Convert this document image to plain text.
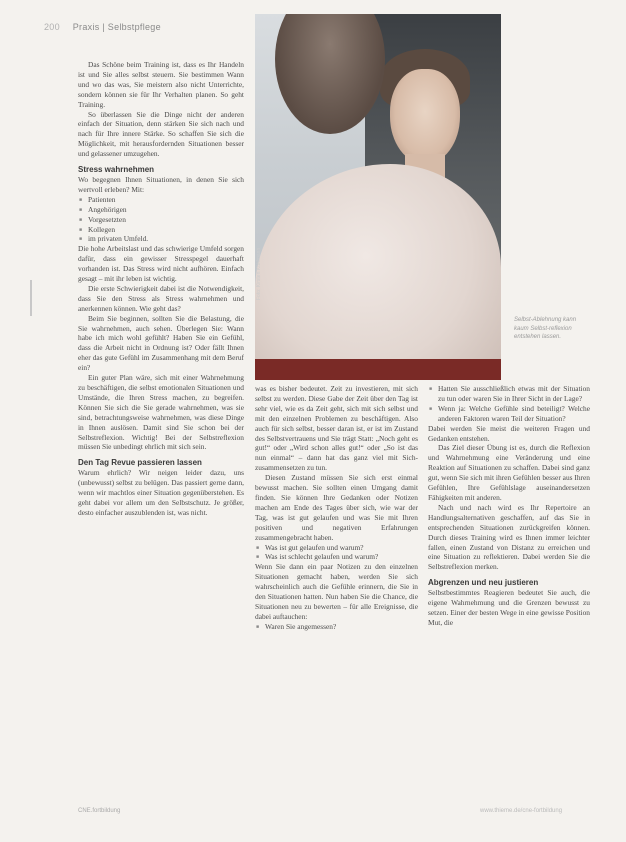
200 Praxis | Selbstpflege
Foto: Kirsten Kühlmann
Selbst-Ablehnung kann kaum Selbst-reflexion entstehen lassen.

Das Schöne beim Training ist, dass es Ihr Handeln ist und Sie alles selbst steuern. Sie bestimmen Wann und wo das was, Sie meistern also nicht Unterrichte, sondern können sie für Ihr Verhalten planen. So geht Training.

So überlassen Sie die Dinge nicht der anderen einfach der Situation, denn stärken Sie sich nach und nach für Ihre innere Stärke. So schaffen Sie sich die Möglichkeit, mit herausfordernden Situationen besser und gelassener umzugehen.

Stress wahrnehmen

Wo begegnen Ihnen Situationen, in denen Sie sich wertvoll erleben? Mit:

■ Patienten
■ Angehörigen
■ Vorgesetzten
■ Kollegen
■ im privaten Umfeld.

Die hohe Arbeitslast und das schwierige Umfeld sorgen dafür, dass ein gewisser Stresspegel dauerhaft vorhanden ist. Das Stress wird nicht aufhören. Einfach gesagt – mit ihr leben ist wichtig.

Die erste Schwierigkeit dabei ist die Notwendigkeit, dass Sie den Stress als Stress wahrnehmen und anerkennen können. Wie geht das?

Beim Sie beginnen, sollten Sie die Belastung, die Sie wahrnehmen, auch sehen. Überlegen Sie: Wann habe ich mich wohl gefühlt? Haben Sie ein Gefühl, dass die Arbeit nicht in Ordnung ist? Oder fällt Ihnen eher das gute Gefühl im Zusammenhang mit dem Beruf ein?

Ein guter Plan wäre, sich mit einer Wahrnehmung zu beschäftigen, die selbst emotionalen Situationen und Umstände, die Ihren Stress machen, zu begreifen. Können Sie sich die Sie gerade wahrnehmen, was sie sind, betrachtungsweise wahrnehmen, was diese Dinge in Ihnen auslösen. Damit sind Sie schon bei der Selbstreflexion. Wichtig! Bei der Selbstreflexion müssen Sie unbedingt ehrlich mit sich sein.

Den Tag Revue passieren lassen

Warum ehrlich? Wir neigen leider dazu, uns (unbewusst) selbst zu belügen. Das passiert gerne dann, wenn wir machtlos einer Situation gegenüberstehen. Es geht dabei vor allem um den Selbstschutz. Je größer, desto einfacher auszublenden ist, was nicht.

was es bisher bedeutet. Zeit zu investieren, mit sich selbst zu werden. Diese Gabe der Zeit über den Tag ist sehr viel, wie es da Zeit geht, sich mit sich selbst und mit den einzelnen Problemen zu beschäftigen. Also auch für sich selbst, besser daran ist, er ist im Zustand des Selbstvertrauens und Sie trägt Statt: „Noch geht es gut!“ oder „Wird schon alles gut!“ oder „So ist das nun einmal“ – dann hat das ganz viel mit Sich-zusammensetzen zu tun.

Diesen Zustand müssen Sie sich erst einmal bewusst machen. Sie sollten einen Umgang damit finden. Sie können Ihre Gedanken oder Notizen machen am Ende des Tages über sich, wie war der Tag, was ist gut gelaufen und was Sie mit Ihren positiven und negativen Erfahrungen zusammengebracht haben.

■ Was ist gut gelaufen und warum?
■ Was ist schlecht gelaufen und warum?

Wenn Sie dann ein paar Notizen zu den einzelnen Situationen gemacht haben, werden Sie sich wahrscheinlich auch die Gefühle erinnern, die Sie in den Situationen hatten. Nun haben Sie die Chance, die Situationen neu zu bewerten – für alle Ereignisse, die dabei auftauchen:

■ Waren Sie angemessen?
■ Hatten Sie ausschließlich etwas mit der Situation zu tun oder waren Sie in Ihrer Sicht in der Lage?
■ Wenn ja: Welche Gefühle sind beteiligt? Welche anderen Faktoren waren Teil der Situation?

Dabei werden Sie meist die weiteren Fragen und Gedanken entstehen.

Das Ziel dieser Übung ist es, durch die Reflexion und Wahrnehmung eine Veränderung und eine Reaktion auf Situationen zu schaffen. Dabei sind ganz gut, wenn Sie sich mit ihren Gefühlen besser aus Ihren Gefühlen, Ihre Gefühlslage auseinandersetzen Fähigkeiten mit anderen.

Nach und nach wird es Ihr Repertoire an Handlungsalternativen geschaffen, auf das Sie in entsprechenden Situationen zurückgreifen können. Durch dieses Training wird es Ihnen immer leichter fallen, einen Zustand von Distanz zu erreichen und eine Situation zu reflektieren. Dabei werden Sie die Selbstreflexion merken.

Abgrenzen und neu justieren

Selbstbestimmtes Reagieren bedeutet Sie auch, die eigene Wahrnehmung und die Grenzen bewusst zu setzen. Einer der besten Wege in eine gewisse Position Mut, die

CNE.fortbildung	www.thieme.de/cne-fortbildung
